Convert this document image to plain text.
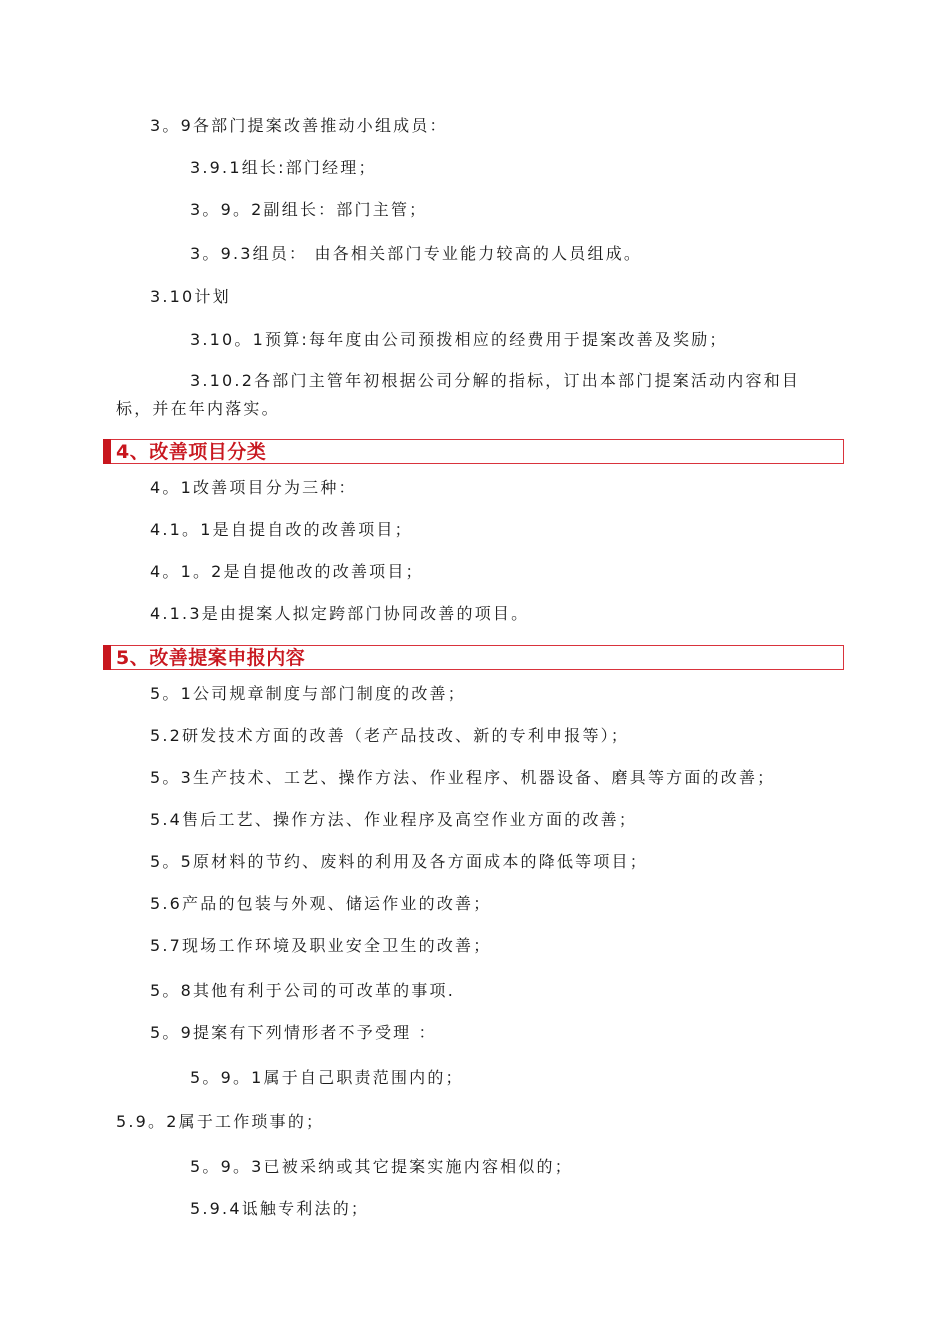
3。9各部门提案改善推动小组成员：
3.9.1组长:部门经理；
3。9。2副组长：部门主管；
3。9.3组员： 由各相关部门专业能力较高的人员组成。
3.10计划
3.10。1预算:每年度由公司预拨相应的经费用于提案改善及奖励；
3.10.2各部门主管年初根据公司分解的指标，订出本部门提案活动内容和目
标，并在年内落实。
4、改善项目分类
4。1改善项目分为三种：
4.1。1是自提自改的改善项目；
4。1。2是自提他改的改善项目；
4.1.3是由提案人拟定跨部门协同改善的项目。
5、改善提案申报内容
5。1公司规章制度与部门制度的改善；
5.2研发技术方面的改善（老产品技改、新的专利申报等）；
5。3生产技术、工艺、操作方法、作业程序、机器设备、磨具等方面的改善；
5.4售后工艺、操作方法、作业程序及高空作业方面的改善；
5。5原材料的节约、废料的利用及各方面成本的降低等项目；
5.6产品的包装与外观、储运作业的改善；
5.7现场工作环境及职业安全卫生的改善；
5。8其他有利于公司的可改革的事项.
5。9提案有下列情形者不予受理 ：
5。9。1属于自己职责范围内的；
5.9。2属于工作琐事的；
5。9。3已被采纳或其它提案实施内容相似的；
5.9.4诋触专利法的；
